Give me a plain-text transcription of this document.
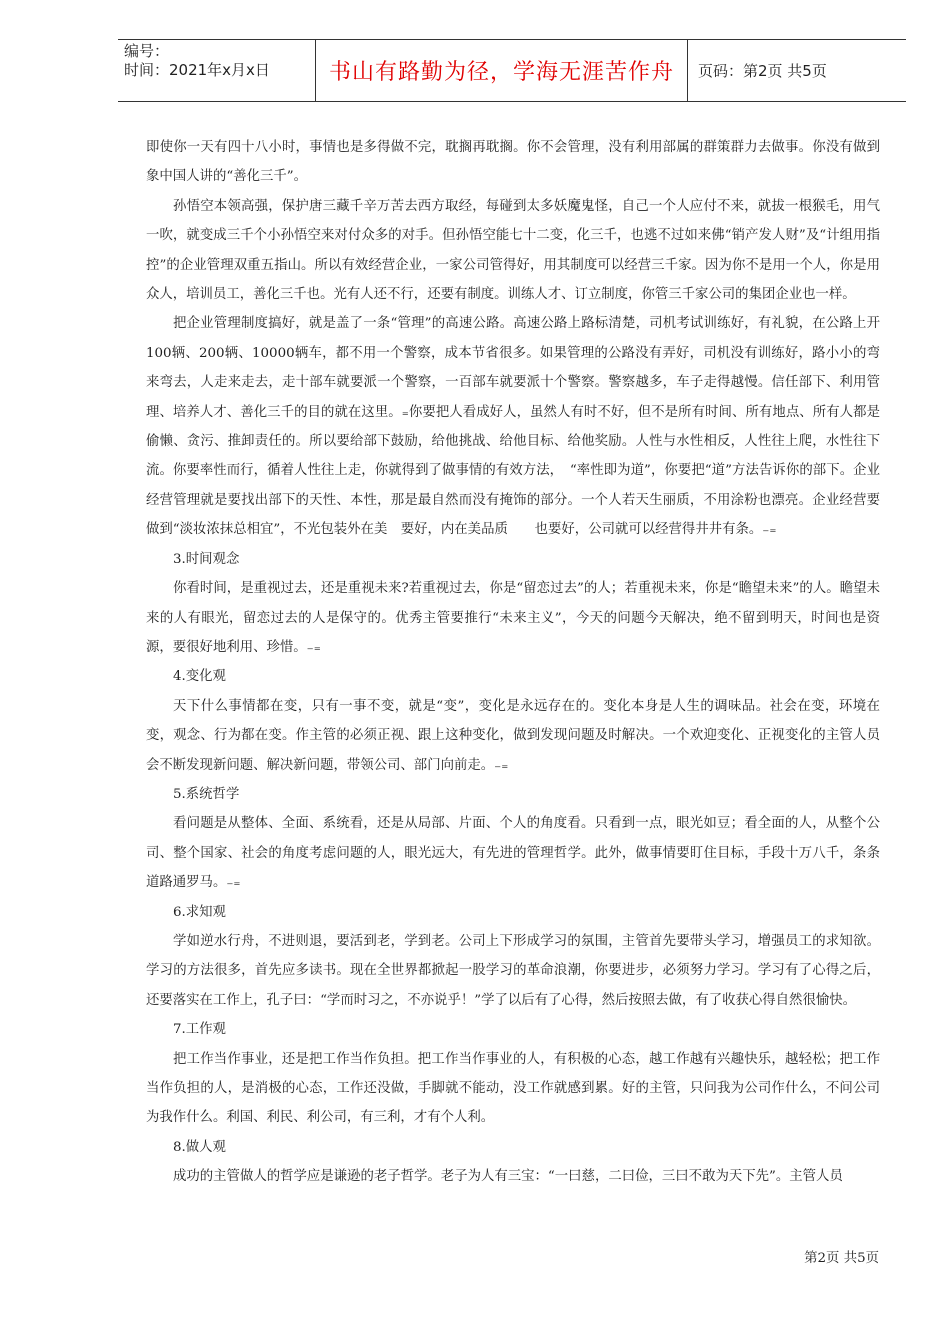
编号：
时间：2021年x月x日	书山有路勤为径，学海无涯苦作舟	页码：第2页 共5页

即使你一天有四十八小时，事情也是多得做不完，耽搁再耽搁。你不会管理，没有利用部属的群策群力去做事。你没有做到象中国人讲的“善化三千”。

孙悟空本领高强，保护唐三藏千辛万苦去西方取经，每碰到太多妖魔鬼怪，自己一个人应付不来，就拔一根猴毛，用气一吹，就变成三千个小孙悟空来对付众多的对手。但孙悟空能七十二变，化三千，也逃不过如来佛“销产发人财”及“计组用指控”的企业管理双重五指山。所以有效经营企业，一家公司管得好，用其制度可以经营三千家。因为你不是用一个人，你是用众人，培训员工，善化三千也。光有人还不行，还要有制度。训练人才、订立制度，你管三千家公司的集团企业也一样。

把企业管理制度搞好，就是盖了一条“管理”的高速公路。高速公路上路标清楚，司机考试训练好，有礼貌，在公路上开100辆、200辆、10000辆车，都不用一个警察，成本节省很多。如果管理的公路没有弄好，司机没有训练好，路小小的弯来弯去，人走来走去，走十部车就要派一个警察，一百部车就要派十个警察。警察越多，车子走得越慢。信任部下、利用管理、培养人才、善化三千的目的就在这里。₌你要把人看成好人，虽然人有时不好，但不是所有时间、所有地点、所有人都是偷懒、贪污、推卸责任的。所以要给部下鼓励，给他挑战、给他目标、给他奖励。人性与水性相反，人性往上爬，水性往下流。你要率性而行，循着人性往上走，你就得到了做事情的有效方法，　“率性即为道”，你要把“道”方法告诉你的部下。企业经营管理就是要找出部下的天性、本性，那是最自然而没有掩饰的部分。一个人若天生丽质，不用涂粉也漂亮。企业经营要做到“淡妆浓抹总相宜”，不光包装外在美　要好，内在美品质　　也要好，公司就可以经营得井井有条。₋₌

3.时间观念

你看时间，是重视过去，还是重视未来?若重视过去，你是“留恋过去”的人；若重视未来，你是“瞻望未来”的人。瞻望未来的人有眼光，留恋过去的人是保守的。优秀主管要推行“未来主义”，今天的问题今天解决，绝不留到明天，时间也是资源，要很好地利用、珍惜。₋₌

4.变化观

天下什么事情都在变，只有一事不变，就是“变”，变化是永远存在的。变化本身是人生的调味品。社会在变，环境在变，观念、行为都在变。作主管的必须正视、跟上这种变化，做到发现问题及时解决。一个欢迎变化、正视变化的主管人员会不断发现新问题、解决新问题，带领公司、部门向前走。₋₌

5.系统哲学

看问题是从整体、全面、系统看，还是从局部、片面、个人的角度看。只看到一点，眼光如豆；看全面的人，从整个公司、整个国家、社会的角度考虑问题的人，眼光远大，有先进的管理哲学。此外，做事情要盯住目标，手段十万八千，条条道路通罗马。₋₌

6.求知观

学如逆水行舟，不进则退，要活到老，学到老。公司上下形成学习的氛围，主管首先要带头学习，增强员工的求知欲。学习的方法很多，首先应多读书。现在全世界都掀起一股学习的革命浪潮，你要进步，必须努力学习。学习有了心得之后，还要落实在工作上，孔子曰：“学而时习之，不亦说乎！”学了以后有了心得，然后按照去做，有了收获心得自然很愉快。

7.工作观

把工作当作事业，还是把工作当作负担。把工作当作事业的人，有积极的心态，越工作越有兴趣快乐，越轻松；把工作当作负担的人，是消极的心态，工作还没做，手脚就不能动，没工作就感到累。好的主管，只问我为公司作什么，不问公司为我作什么。利国、利民、利公司，有三利，才有个人利。

8.做人观

成功的主管做人的哲学应是谦逊的老子哲学。老子为人有三宝：“一曰慈，二曰俭，三曰不敢为天下先”。主管人员

第2页 共5页
